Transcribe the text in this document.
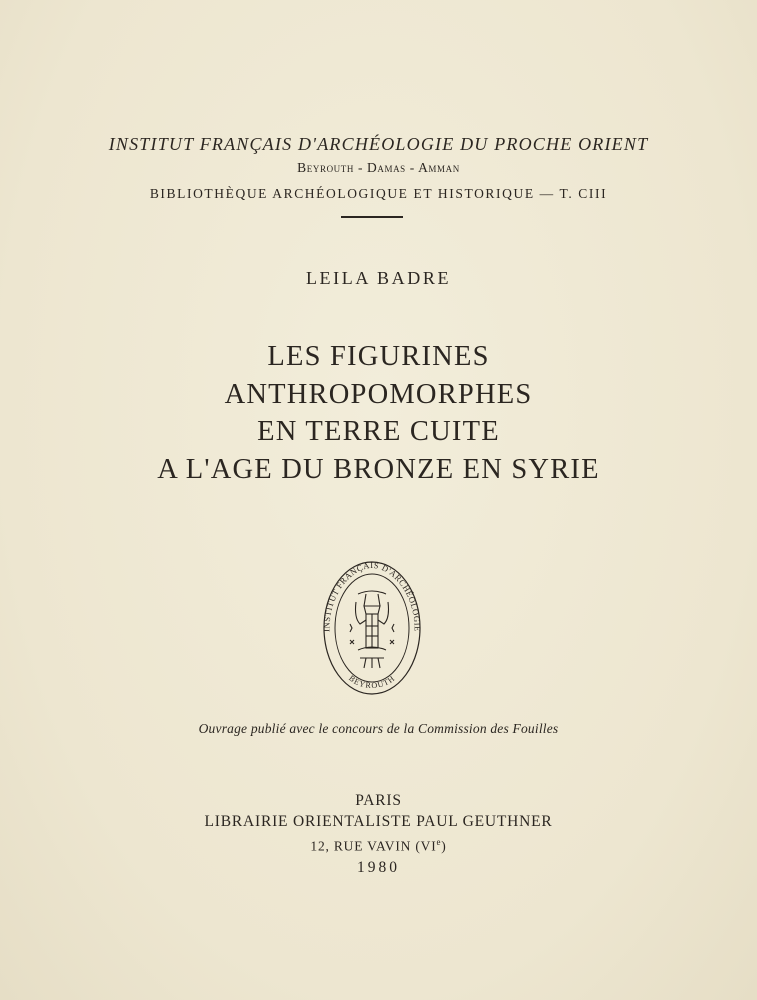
INSTITUT FRANÇAIS D'ARCHÉOLOGIE DU PROCHE ORIENT
Beyrouth - Damas - Amman
BIBLIOTHÈQUE ARCHÉOLOGIQUE ET HISTORIQUE — T. CIII
LEILA BADRE
LES FIGURINES
ANTHROPOMORPHES
EN TERRE CUITE
A L'AGE DU BRONZE EN SYRIE
INSTITUT FRANÇAIS D'ARCHÉOLOGIE
BEYROUTH
Ouvrage publié avec le concours de la Commission des Fouilles
PARIS
LIBRAIRIE ORIENTALISTE PAUL GEUTHNER
12, RUE VAVIN (VIe)
1980
